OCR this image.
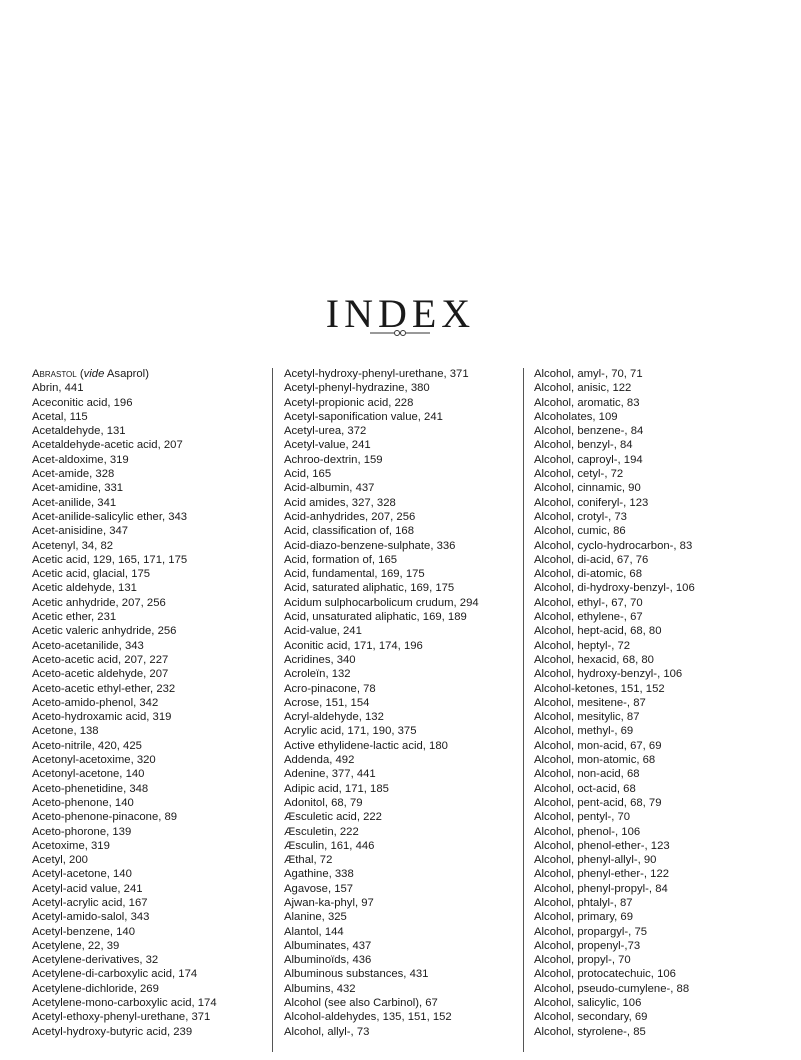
INDEX
Abrastol (vide Asaprol)
Abrin, 441
Aceconitic acid, 196
Acetal, 115
Acetaldehyde, 131
Acetaldehyde-acetic acid, 207
Acet-aldoxime, 319
Acet-amide, 328
Acet-amidine, 331
Acet-anilide, 341
Acet-anilide-salicylic ether, 343
Acet-anisidine, 347
Acetenyl, 34, 82
Acetic acid, 129, 165, 171, 175
Acetic acid, glacial, 175
Acetic aldehyde, 131
Acetic anhydride, 207, 256
Acetic ether, 231
Acetic valeric anhydride, 256
Aceto-acetanilide, 343
Aceto-acetic acid, 207, 227
Aceto-acetic aldehyde, 207
Aceto-acetic ethyl-ether, 232
Aceto-amido-phenol, 342
Aceto-hydroxamic acid, 319
Acetone, 138
Aceto-nitrile, 420, 425
Acetonyl-acetoxime, 320
Acetonyl-acetone, 140
Aceto-phenetidine, 348
Aceto-phenone, 140
Aceto-phenone-pinacone, 89
Aceto-phorone, 139
Acetoxime, 319
Acetyl, 200
Acetyl-acetone, 140
Acetyl-acid value, 241
Acetyl-acrylic acid, 167
Acetyl-amido-salol, 343
Acetyl-benzene, 140
Acetylene, 22, 39
Acetylene-derivatives, 32
Acetylene-di-carboxylic acid, 174
Acetylene-dichloride, 269
Acetylene-mono-carboxylic acid, 174
Acetyl-ethoxy-phenyl-urethane, 371
Acetyl-hydroxy-butyric acid, 239
Acetyl-hydroxy-phenyl-urethane, 371
Acetyl-phenyl-hydrazine, 380
Acetyl-propionic acid, 228
Acetyl-saponification value, 241
Acetyl-urea, 372
Acetyl-value, 241
Achroo-dextrin, 159
Acid, 165
Acid-albumin, 437
Acid amides, 327, 328
Acid-anhydrides, 207, 256
Acid, classification of, 168
Acid-diazo-benzene-sulphate, 336
Acid, formation of, 165
Acid, fundamental, 169, 175
Acid, saturated aliphatic, 169, 175
Acidum sulphocarbolicum crudum, 294
Acid, unsaturated aliphatic, 169, 189
Acid-value, 241
Aconitic acid, 171, 174, 196
Acridines, 340
Acroleïn, 132
Acro-pinacone, 78
Acrose, 151, 154
Acryl-aldehyde, 132
Acrylic acid, 171, 190, 375
Active ethylidene-lactic acid, 180
Addenda, 492
Adenine, 377, 441
Adipic acid, 171, 185
Adonitol, 68, 79
Æsculetic acid, 222
Æsculetin, 222
Æsculin, 161, 446
Æthal, 72
Agathine, 338
Agavose, 157
Ajwan-ka-phyl, 97
Alanine, 325
Alantol, 144
Albuminates, 437
Albuminoïds, 436
Albuminous substances, 431
Albumins, 432
Alcohol (see also Carbinol), 67
Alcohol-aldehydes, 135, 151, 152
Alcohol, allyl-, 73
Alcohol, amyl-, 70, 71
Alcohol, anisic, 122
Alcohol, aromatic, 83
Alcoholates, 109
Alcohol, benzene-, 84
Alcohol, benzyl-, 84
Alcohol, caproyl-, 194
Alcohol, cetyl-, 72
Alcohol, cinnamic, 90
Alcohol, coniferyl-, 123
Alcohol, crotyl-, 73
Alcohol, cumic, 86
Alcohol, cyclo-hydrocarbon-, 83
Alcohol, di-acid, 67, 76
Alcohol, di-atomic, 68
Alcohol, di-hydroxy-benzyl-, 106
Alcohol, ethyl-, 67, 70
Alcohol, ethylene-, 67
Alcohol, hept-acid, 68, 80
Alcohol, heptyl-, 72
Alcohol, hexacid, 68, 80
Alcohol, hydroxy-benzyl-, 106
Alcohol-ketones, 151, 152
Alcohol, mesitene-, 87
Alcohol, mesitylic, 87
Alcohol, methyl-, 69
Alcohol, mon-acid, 67, 69
Alcohol, mon-atomic, 68
Alcohol, non-acid, 68
Alcohol, oct-acid, 68
Alcohol, pent-acid, 68, 79
Alcohol, pentyl-, 70
Alcohol, phenol-, 106
Alcohol, phenol-ether-, 123
Alcohol, phenyl-allyl-, 90
Alcohol, phenyl-ether-, 122
Alcohol, phenyl-propyl-, 84
Alcohol, phtalyl-, 87
Alcohol, primary, 69
Alcohol, propargyl-, 75
Alcohol, propenyl-,73
Alcohol, propyl-, 70
Alcohol, protocatechuic, 106
Alcohol, pseudo-cumylene-, 88
Alcohol, salicylic, 106
Alcohol, secondary, 69
Alcohol, styrolene-, 85
